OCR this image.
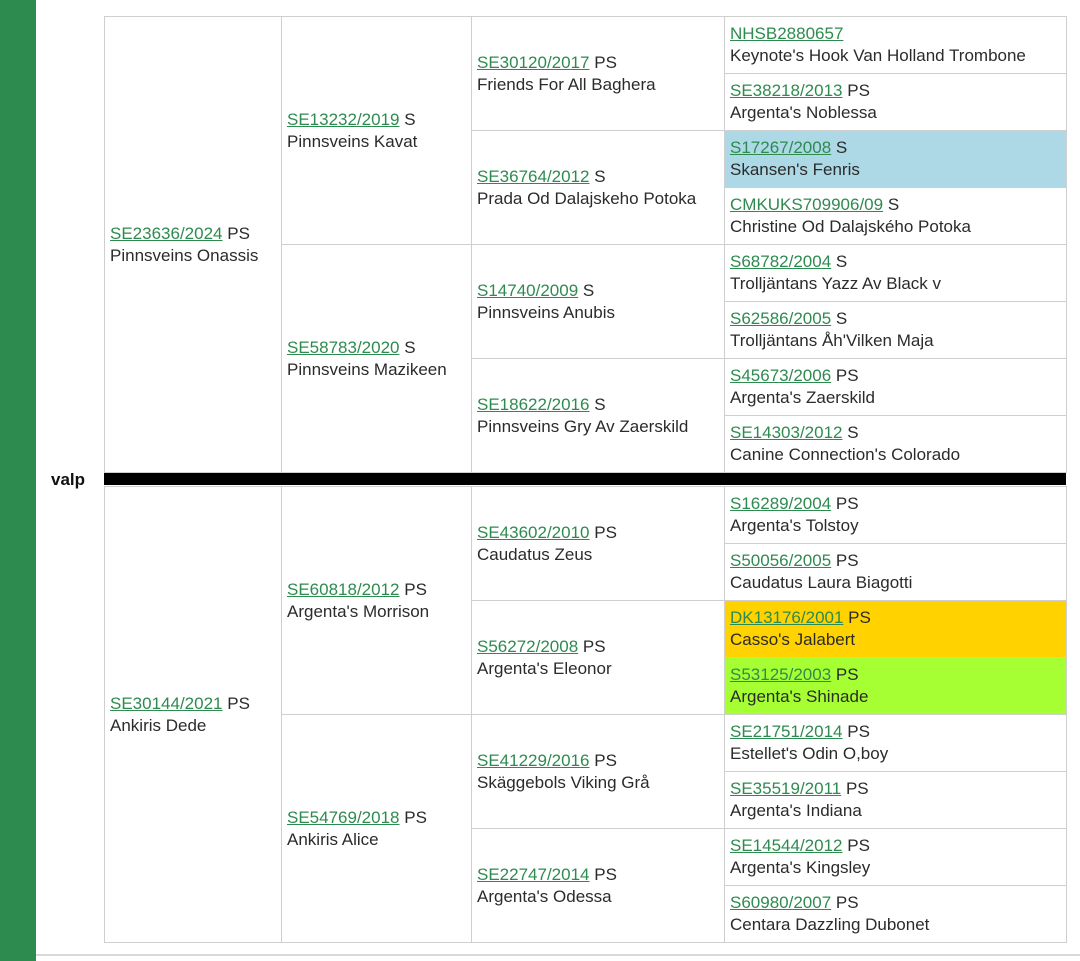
valp
SE23636/2024 PS
Pinnsveins Onassis
SE30144/2021 PS
Ankiris Dede
SE13232/2019 S
Pinnsveins Kavat
SE58783/2020 S
Pinnsveins Mazikeen
SE60818/2012 PS
Argenta's Morrison
SE54769/2018 PS
Ankiris Alice
SE30120/2017 PS
Friends For All Baghera
SE36764/2012 S
Prada Od Dalajskeho Potoka
S14740/2009 S
Pinnsveins Anubis
SE18622/2016 S
Pinnsveins Gry Av Zaerskild
SE43602/2010 PS
Caudatus Zeus
S56272/2008 PS
Argenta's Eleonor
SE41229/2016 PS
Skäggebols Viking Grå
SE22747/2014 PS
Argenta's Odessa
NHSB2880657
Keynote's Hook Van Holland Trombone
SE38218/2013 PS
Argenta's Noblessa
S17267/2008 S
Skansen's Fenris
CMKUKS709906/09 S
Christine Od Dalajského Potoka
S68782/2004 S
Trolljäntans Yazz Av Black v
S62586/2005 S
Trolljäntans Åh'Vilken Maja
S45673/2006 PS
Argenta's Zaerskild
SE14303/2012 S
Canine Connection's Colorado
S16289/2004 PS
Argenta's Tolstoy
S50056/2005 PS
Caudatus Laura Biagotti
DK13176/2001 PS
Casso's Jalabert
S53125/2003 PS
Argenta's Shinade
SE21751/2014 PS
Estellet's Odin O,boy
SE35519/2011 PS
Argenta's Indiana
SE14544/2012 PS
Argenta's Kingsley
S60980/2007 PS
Centara Dazzling Dubonet
